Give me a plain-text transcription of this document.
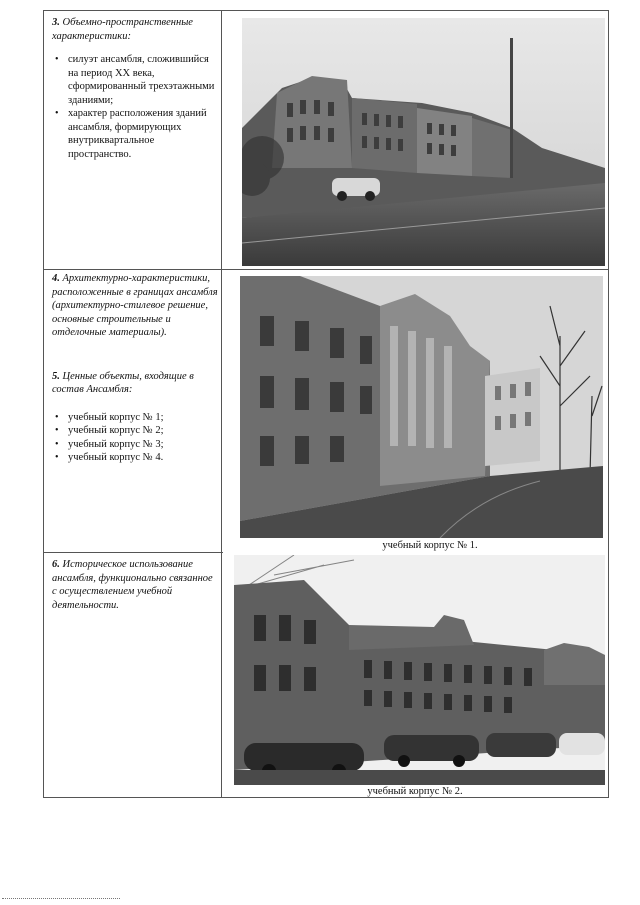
3. Объемно-пространственные характеристики:

• силуэт ансамбля, сложившийся на период XX века, сформированный трехэтажными зданиями;
• характер расположения зданий ансамбля, формирующих внутриквартальное пространство.

4. Архитектурно-характеристики, расположенные в границах ансамбля (архитектурно-стилевое решение, основные строительные и отделочные материалы).

5. Ценные объекты, входящие в состав Ансамбля:

• учебный корпус № 1;
• учебный корпус № 2;
• учебный корпус № 3;
• учебный корпус № 4.

6. Историческое использование ансамбля, функционально связанное с осуществлением учебной деятельности.

учебный корпус № 1.
учебный корпус № 2.
